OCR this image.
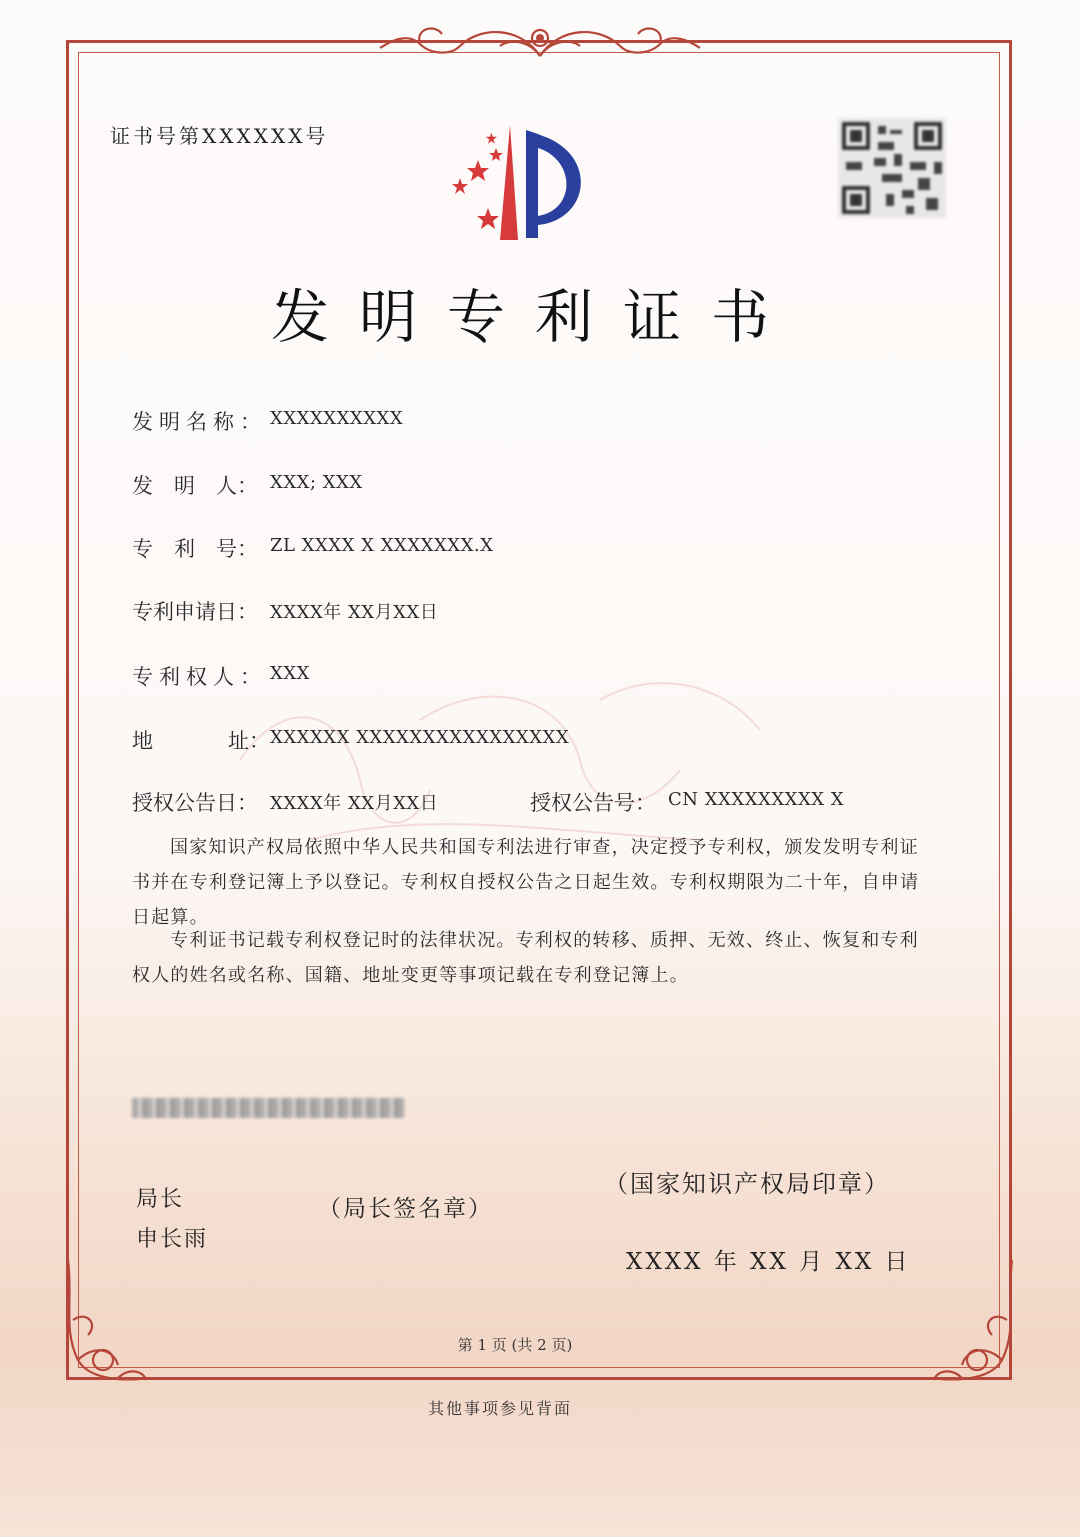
证书号第XXXXXX号
发明专利证书
发明名称： XXXXXXXXXX
发　明　人： XXX; XXX
专　利　号： ZL XXXX X XXXXXXX.X
专利申请日： XXXX年 XX月XX日
专利权人： XXX
地	址： XXXXXX XXXXXXXXXXXXXXXX
授权公告日： XXXX年 XX月XX日	授权公告号： CN XXXXXXXXX X
国家知识产权局依照中华人民共和国专利法进行审查，决定授予专利权，颁发发明专利证书并在专利登记簿上予以登记。专利权自授权公告之日起生效。专利权期限为二十年，自申请日起算。
专利证书记载专利权登记时的法律状况。专利权的转移、质押、无效、终止、恢复和专利权人的姓名或名称、国籍、地址变更等事项记载在专利登记簿上。
局长
申长雨
（局长签名章）
（国家知识产权局印章）
XXXX 年 XX 月 XX 日
第 1 页 (共 2 页)
其他事项参见背面
